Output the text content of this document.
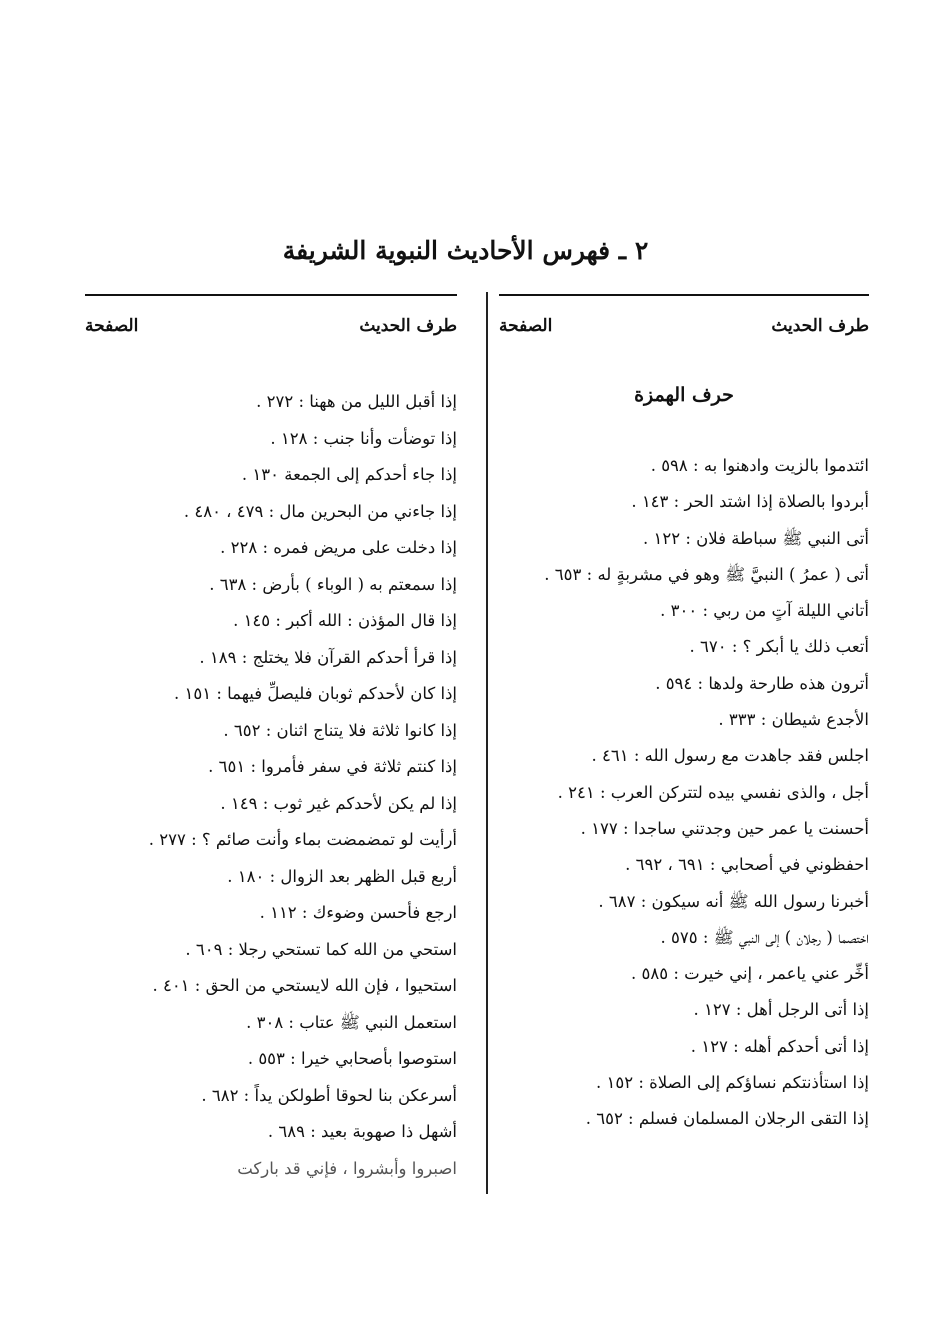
٢ ـ فهرس الأحاديث النبوية الشريفة
طرف الحديث
الصفحة
حرف الهمزة
ائتدموا بالزيت وادهنوا به : ٥٩٨ .
أبردوا بالصلاة إذا اشتد الحر : ١٤٣ .
أتى النبي ﷺ سباطة فلان : ١٢٢ .
أتى ( عمرُ ) النبيَّ ﷺ وهو في مشربةٍ له : ٦٥٣ .
أتاني الليلة آتٍ من ربي : ٣٠٠ .
أتعب ذلك يا أبكر ؟ : ٦٧٠ .
أترون هذه طارحة ولدها : ٥٩٤ .
الأجدع شيطان : ٣٣٣ .
اجلس فقد جاهدت مع رسول الله : ٤٦١ .
أجل ، والذى نفسي بيده لتتركن العرب : ٢٤١ .
أحسنت يا عمر حين وجدتني ساجدا : ١٧٧ .
احفظوني في أصحابي : ٦٩١ ، ٦٩٢ .
أخبرنا رسول الله ﷺ أنه سيكون : ٦٨٧ .
اختصما ( رجلان ) إلى النبي ﷺ : ٥٧٥ .
أخِّر عني ياعمر ، إني خيرت : ٥٨٥ .
إذا أتى الرجل أهل : ١٢٧ .
إذا أتى أحدكم أهله : ١٢٧ .
إذا استأذنتكم نساؤكم إلى الصلاة : ١٥٢ .
إذا التقى الرجلان المسلمان فسلم : ٦٥٢ .
طرف الحديث
الصفحة
إذا أقبل الليل من ههنا : ٢٧٢ .
إذا توضأت وأنا جنب : ١٢٨ .
إذا جاء أحدكم إلى الجمعة ١٣٠ .
إذا جاءني من البحرين مال : ٤٧٩ ، ٤٨٠ .
إذا دخلت على مريض فمره : ٢٢٨ .
إذا سمعتم به ( الوباء ) بأرض : ٦٣٨ .
إذا قال المؤذن : الله أكبر : ١٤٥ .
إذا قرأ أحدكم القرآن فلا يختلج : ١٨٩ .
إذا كان لأحدكم ثوبان فليصلِّ فيهما : ١٥١ .
إذا كانوا ثلاثة فلا يتناج اثنان : ٦٥٢ .
إذا كنتم ثلاثة في سفر فأمروا : ٦٥١ .
إذا لم يكن لأحدكم غير ثوب : ١٤٩ .
أرأيت لو تمضمضت بماء وأنت صائم ؟ : ٢٧٧ .
أربع قبل الظهر بعد الزوال : ١٨٠ .
ارجع فأحسن وضوءك : ١١٢ .
استحي من الله كما تستحي رجلا : ٦٠٩ .
استحيوا ، فإن الله لايستحي من الحق : ٤٠١ .
استعمل النبي ﷺ عتاب : ٣٠٨ .
استوصوا بأصحابي خيرا : ٥٥٣ .
أسرعكن بنا لحوقا أطولكن يداً : ٦٨٢ .
أشهل ذا صهوبة بعيد : ٦٨٩ .
اصبروا وأبشروا ، فإني قد باركت
